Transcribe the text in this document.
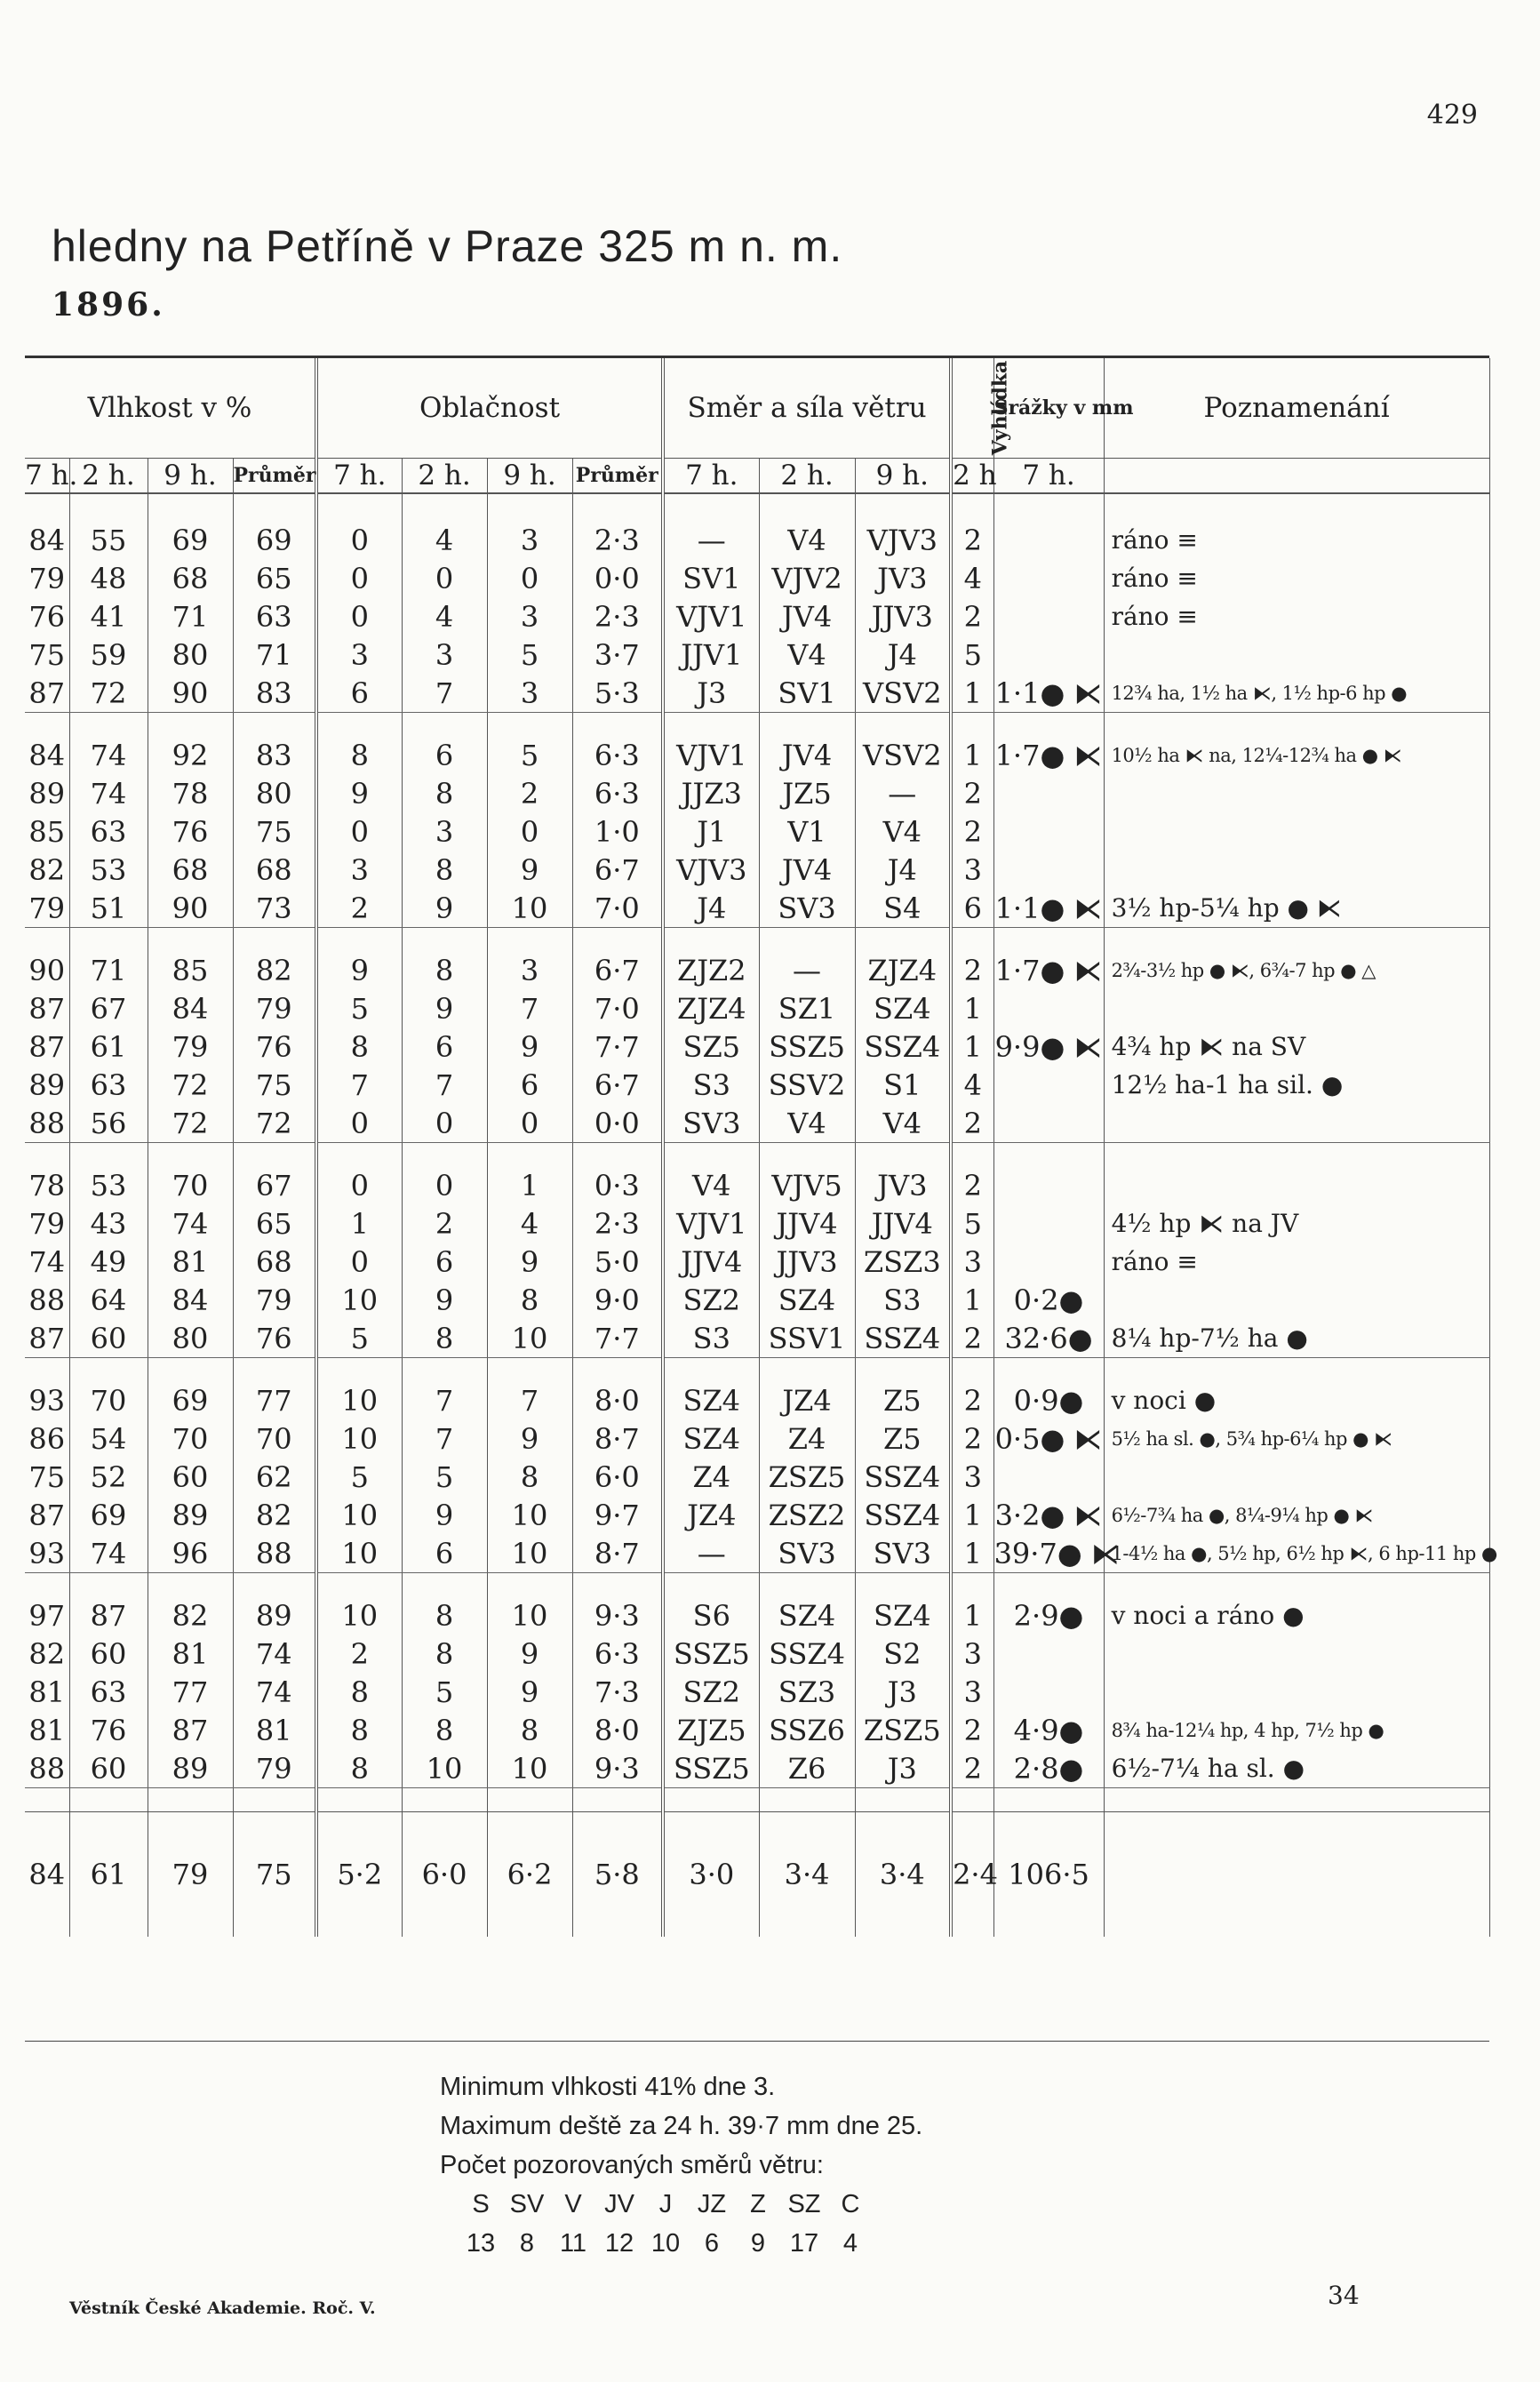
429
hledny na Petříně v Praze 325 m n. m.
1896.
Vlhkost v %				Oblačnost				Směr a síla větru			Vyhlídka	Srážky v mm	Poznamenání
7 h.	2 h.	9 h.	Průměr	7 h.	2 h.	9 h.	Průměr	7 h.	2 h.	9 h.	2 h	7 h.	

84	55	69	69	0	4	3	2·3	—	V4	VJV3	2		ráno ≡
79	48	68	65	0	0	0	0·0	SV1	VJV2	JV3	4		ráno ≡
76	41	71	63	0	4	3	2·3	VJV1	JV4	JJV3	2		ráno ≡
75	59	80	71	3	3	5	3·7	JJV1	V4	J4	5		
87	72	90	83	6	7	3	5·3	J3	SV1	VSV2	1	1·1● ⧔	12¾ ha, 1½ ha ⧔, 1½ hp-6 hp ●

84	74	92	83	8	6	5	6·3	VJV1	JV4	VSV2	1	1·7● ⧔	10½ ha ⧔ na, 12¼-12¾ ha ● ⧔
89	74	78	80	9	8	2	6·3	JJZ3	JZ5	—	2		
85	63	76	75	0	3	0	1·0	J1	V1	V4	2		
82	53	68	68	3	8	9	6·7	VJV3	JV4	J4	3		
79	51	90	73	2	9	10	7·0	J4	SV3	S4	6	1·1● ⧔	3½ hp-5¼ hp ● ⧔

90	71	85	82	9	8	3	6·7	ZJZ2	—	ZJZ4	2	1·7● ⧔	2¾-3½ hp ● ⧔, 6¾-7 hp ● △
87	67	84	79	5	9	7	7·0	ZJZ4	SZ1	SZ4	1		
87	61	79	76	8	6	9	7·7	SZ5	SSZ5	SSZ4	1	9·9● ⧔	4¾ hp ⧔ na SV
89	63	72	75	7	7	6	6·7	S3	SSV2	S1	4		12½ ha-1 ha sil. ●
88	56	72	72	0	0	0	0·0	SV3	V4	V4	2		

78	53	70	67	0	0	1	0·3	V4	VJV5	JV3	2		
79	43	74	65	1	2	4	2·3	VJV1	JJV4	JJV4	5		4½ hp ⧔ na JV
74	49	81	68	0	6	9	5·0	JJV4	JJV3	ZSZ3	3		ráno ≡
88	64	84	79	10	9	8	9·0	SZ2	SZ4	S3	1	0·2●	
87	60	80	76	5	8	10	7·7	S3	SSV1	SSZ4	2	32·6●	8¼ hp-7½ ha ●

93	70	69	77	10	7	7	8·0	SZ4	JZ4	Z5	2	0·9●	v noci ●
86	54	70	70	10	7	9	8·7	SZ4	Z4	Z5	2	0·5● ⧔	5½ ha sl. ●, 5¾ hp-6¼ hp ● ⧔
75	52	60	62	5	5	8	6·0	Z4	ZSZ5	SSZ4	3		
87	69	89	82	10	9	10	9·7	JZ4	ZSZ2	SSZ4	1	3·2● ⧔	6½-7¾ ha ●, 8¼-9¼ hp ● ⧔
93	74	96	88	10	6	10	8·7	—	SV3	SV3	1	39·7● ⧔	1-4½ ha ●, 5½ hp, 6½ hp ⧔, 6 hp-11 hp ●

97	87	82	89	10	8	10	9·3	S6	SZ4	SZ4	1	2·9●	v noci a ráno ●
82	60	81	74	2	8	9	6·3	SSZ5	SSZ4	S2	3		
81	63	77	74	8	5	9	7·3	SZ2	SZ3	J3	3		
81	76	87	81	8	8	8	8·0	ZJZ5	SSZ6	ZSZ5	2	4·9●	8¾ ha-12¼ hp, 4 hp, 7½ hp ●
88	60	89	79	8	10	10	9·3	SSZ5	Z6	J3	2	2·8●	6½-7¼ ha sl. ●

84	61	79	75	5·2	6·0	6·2	5·8	3·0	3·4	3·4	2·4	106·5	
Minimum vlhkosti 41% dne 3.
Maximum deště za 24 h. 39·7 mm dne 25.
Počet pozorovaných směrů větru:
S SV V JV J JZ Z SZ C
13 8 11 12 10 6	9 17 4
Věstník České Akademie. Roč. V.	34
